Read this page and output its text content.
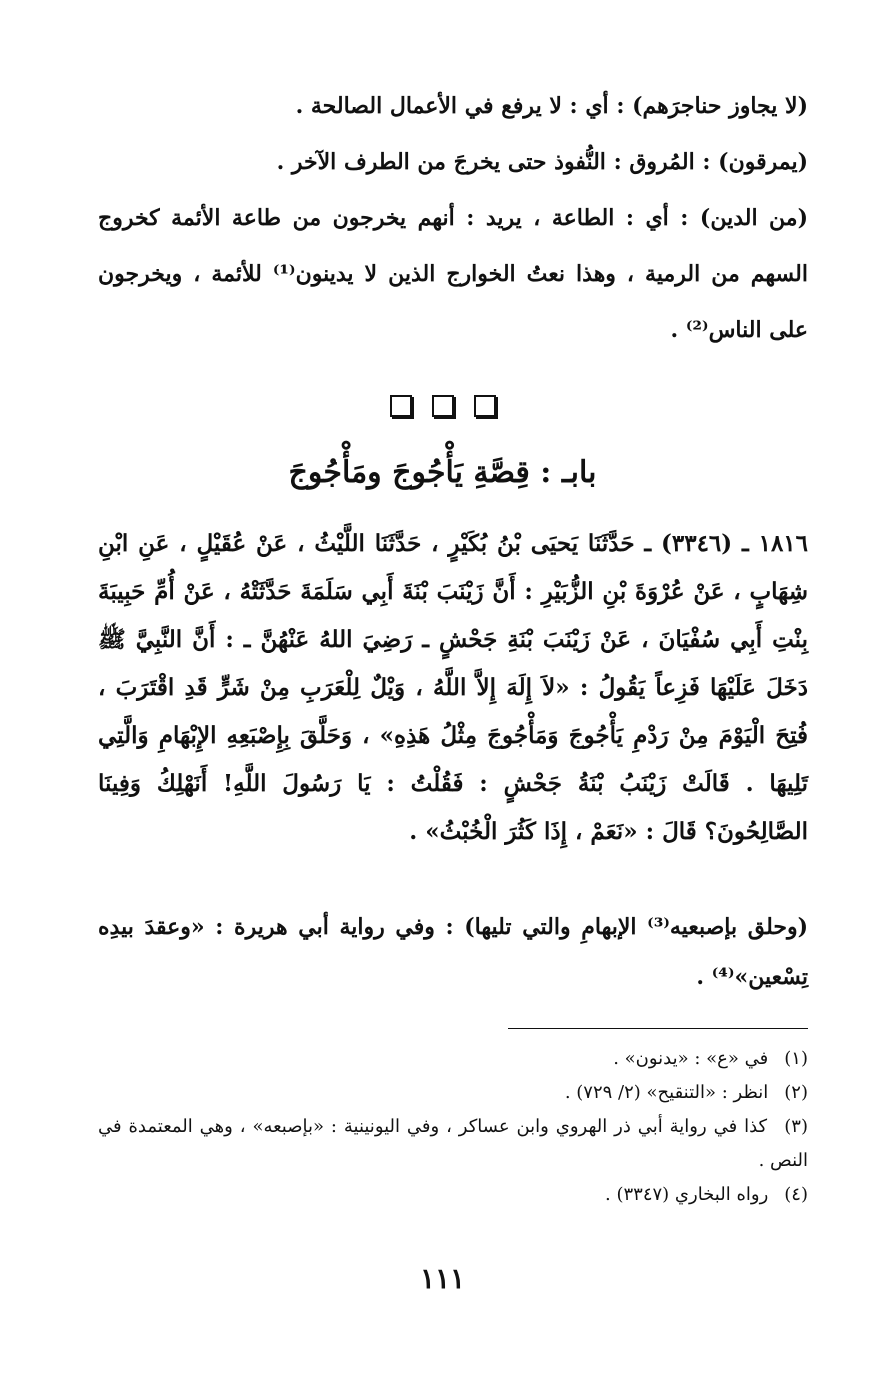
(لا يجاوز حناجرَهم) : أي : لا يرفع في الأعمال الصالحة .

(يمرقون) : المُروق : النُّفوذ حتى يخرجَ من الطرف الآخر .

(من الدين) : أي : الطاعة ، يريد : أنهم يخرجون من طاعة الأئمة كخروج السهم من الرمية ، وهذا نعتُ الخوارج الذين لا يدينون⁽¹⁾ للأئمة ، ويخرجون على الناس⁽²⁾ .

بابـ : قِصَّةِ يَأْجُوجَ ومَأْجُوجَ

١٨١٦ ـ (٣٣٤٦) ـ حَدَّثَنَا يَحيَى بْنُ بُكَيْرٍ ، حَدَّثَنَا اللَّيْثُ ، عَنْ عُقَيْلٍ ، عَنِ ابْنِ شِهَابٍ ، عَنْ عُرْوَةَ بْنِ الزُّبَيْرِ : أَنَّ زَيْنَبَ بْنَةَ أَبِي سَلَمَةَ حَدَّثَتْهُ ، عَنْ أُمِّ حَبِيبَةَ بِنْتِ أَبِي سُفْيَانَ ، عَنْ زَيْنَبَ بْنَةِ جَحْشٍ ـ رَضِيَ اللهُ عَنْهُنَّ ـ : أَنَّ النَّبِيَّ ﷺ دَخَلَ عَلَيْهَا فَزِعاً يَقُولُ : «لاَ إِلَهَ إِلاَّ اللَّهُ ، وَيْلٌ لِلْعَرَبِ مِنْ شَرٍّ قَدِ اقْتَرَبَ ، فُتِحَ الْيَوْمَ مِنْ رَدْمِ يَأْجُوجَ وَمَأْجُوجَ مِثْلُ هَذِهِ» ، وَحَلَّقَ بِإِصْبَعِهِ الإِبْهَامِ وَالَّتِي تَلِيهَا . قَالَتْ زَيْنَبُ بْنَةُ جَحْشٍ : فَقُلْتُ : يَا رَسُولَ اللَّهِ! أَنَهْلِكُ وَفِينَا الصَّالِحُونَ؟ قَالَ : «نَعَمْ ، إِذَا كَثُرَ الْخُبْثُ» .

(وحلق بإصبعيه⁽³⁾ الإبهامِ والتي تليها) : وفي رواية أبي هريرة : «وعقدَ بيدِه تِسْعين»⁽⁴⁾ .

(١) في «ع» : «يدنون» .

(٢) انظر : «التنقيح» (٢/ ٧٢٩) .

(٣) كذا في رواية أبي ذر الهروي وابن عساكر ، وفي اليونينية : «بإصبعه» ، وهي المعتمدة في النص .

(٤) رواه البخاري (٣٣٤٧) .

١١١
